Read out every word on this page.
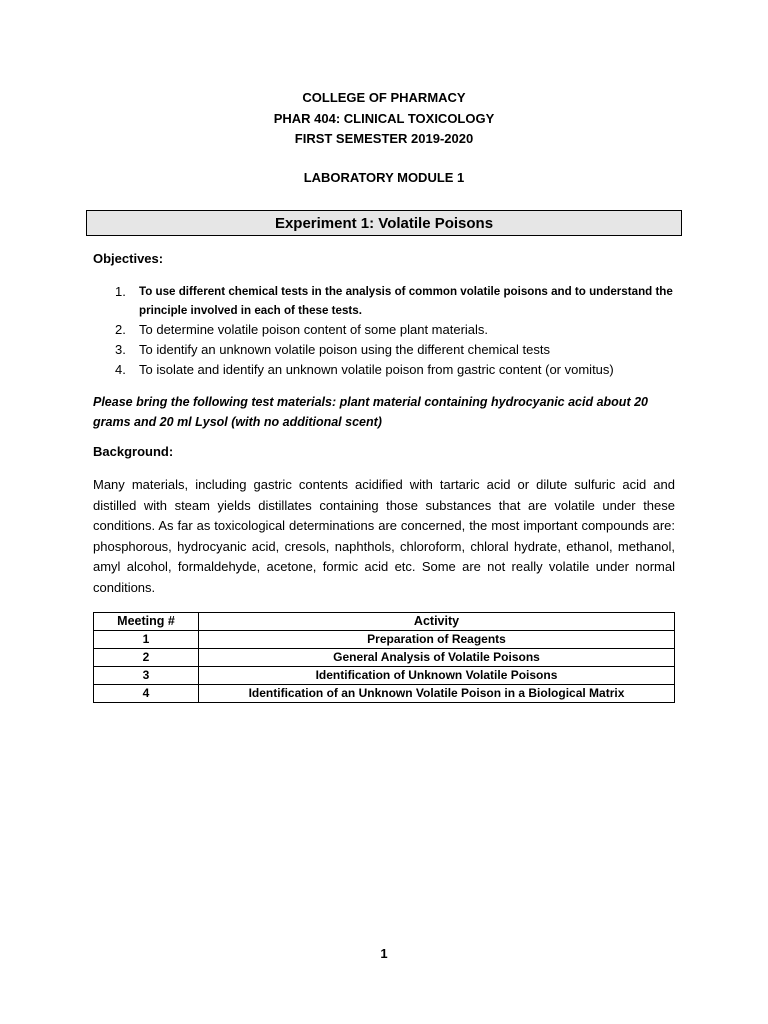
COLLEGE OF PHARMACY
PHAR 404: CLINICAL TOXICOLOGY
FIRST SEMESTER 2019-2020
LABORATORY MODULE 1
Experiment 1: Volatile Poisons
Objectives:
1.	To use different chemical tests in the analysis of common volatile poisons and to understand the principle involved in each of these tests.
2.	To determine volatile poison content of some plant materials.
3.	To identify an unknown volatile poison using the different chemical tests
4.	To isolate and identify an unknown volatile poison from gastric content (or vomitus)
Please bring the following test materials: plant material containing hydrocyanic acid about 20 grams and 20 ml Lysol (with no additional scent)
Background:
Many materials, including gastric contents acidified with tartaric acid or dilute sulfuric acid and distilled with steam yields distillates containing those substances that are volatile under these conditions. As far as toxicological determinations are concerned, the most important compounds are: phosphorous, hydrocyanic acid, cresols, naphthols, chloroform, chloral hydrate, ethanol, methanol, amyl alcohol, formaldehyde, acetone, formic acid etc. Some are not really volatile under normal conditions.
Meeting #	Activity
1	Preparation of Reagents
2	General Analysis of Volatile Poisons
3	Identification of Unknown Volatile Poisons
4	Identification of an Unknown Volatile Poison in a Biological Matrix
1
